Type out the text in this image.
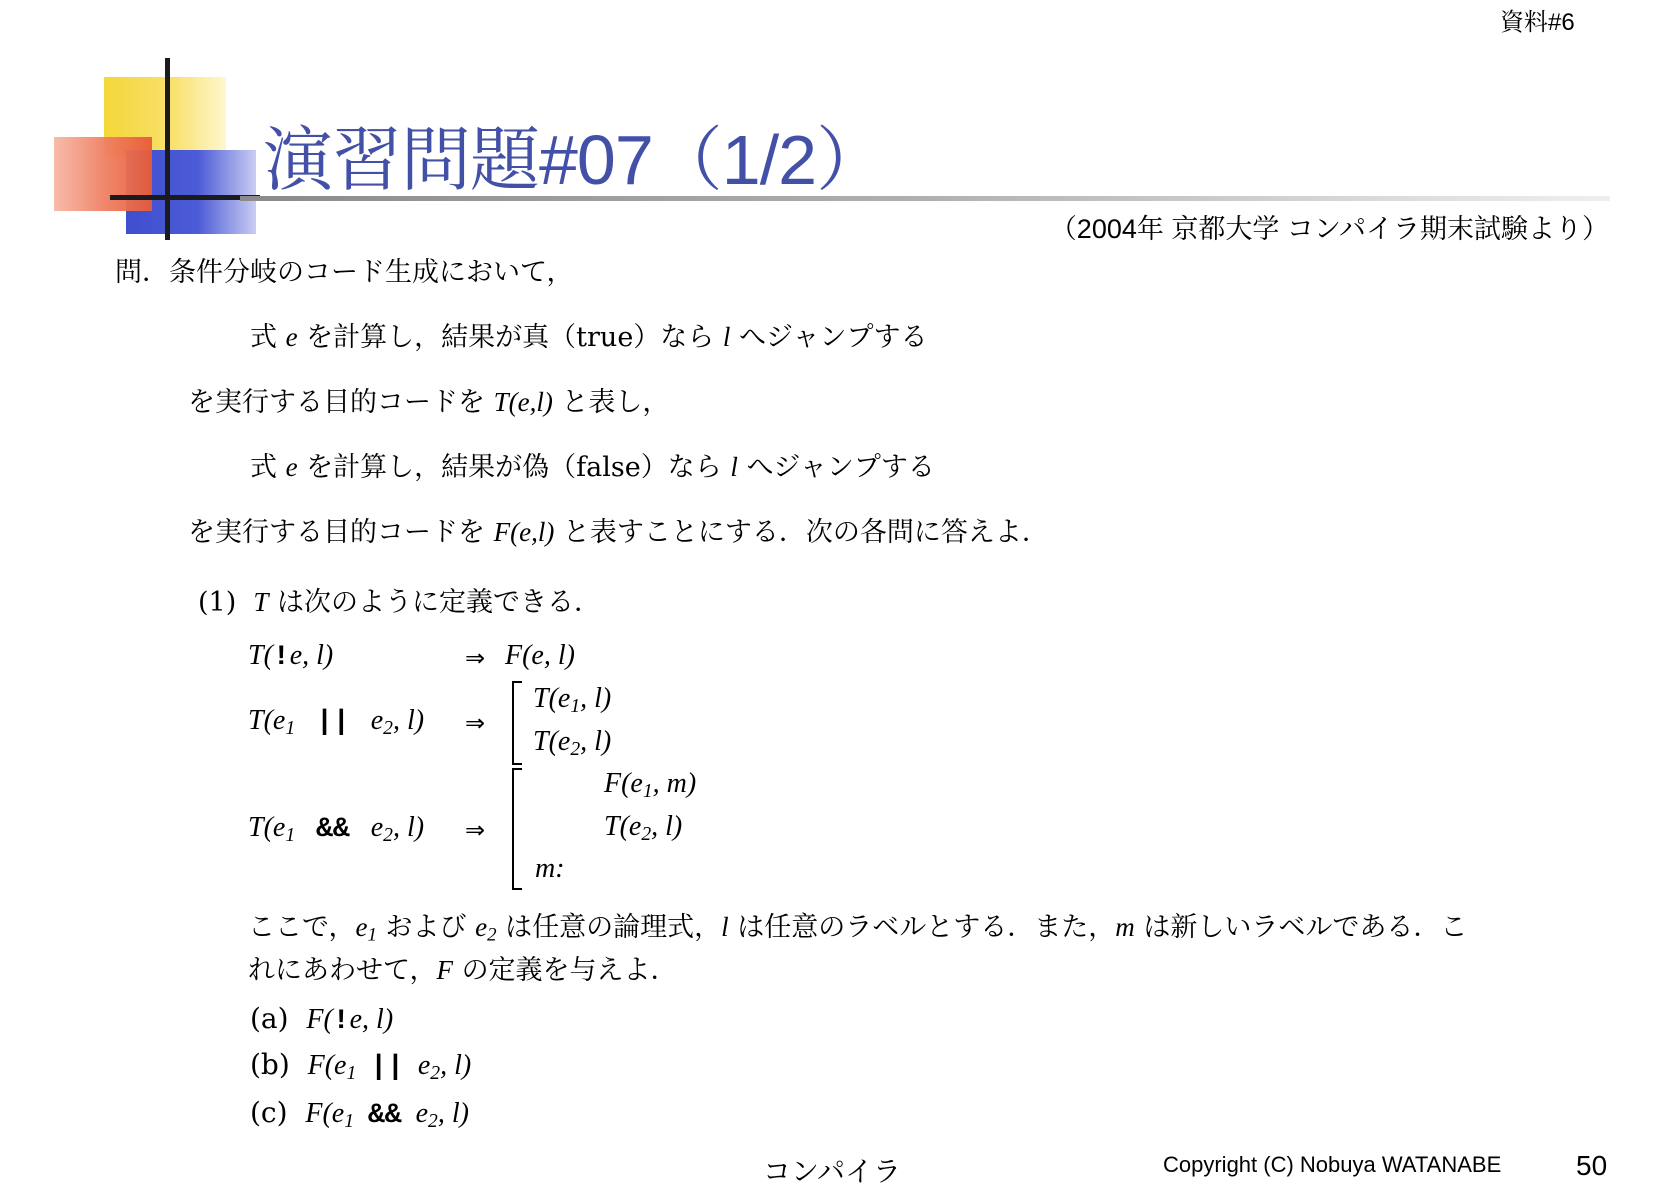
資料#6
演習問題#07（1/2）
（2004年 京都大学 コンパイラ期末試験より）
問．条件分岐のコード生成において，
式 e を計算し，結果が真（true）なら l へジャンプする
を実行する目的コードを T(e,l) と表し，
式 e を計算し，結果が偽（false）なら l へジャンプする
を実行する目的コードを F(e,l) と表すことにする．次の各問に答えよ．
(1) T は次のように定義できる．
T(!e, l)	⇒ F(e, l)
$T(e_1$ || $e_2$, l) ⇒
$T(e_1$, l)
$T(e_2$, l)
$T(e_1$ && $e_2$, l) ⇒
$F(e_1$, m)
$T(e_2$, l)
m:
ここで，$e_1$ および $e_2$ は任意の論理式，l は任意のラベルとする．また，m は新しいラベルである．こ
れにあわせて，F の定義を与えよ．
(a) F(!e, l)
(b) $F(e_1$ || $e_2$, l)
(c) $F(e_1$ && $e_2$, l)
コンパイラ	Copyright (C) Nobuya WATANABE	50
